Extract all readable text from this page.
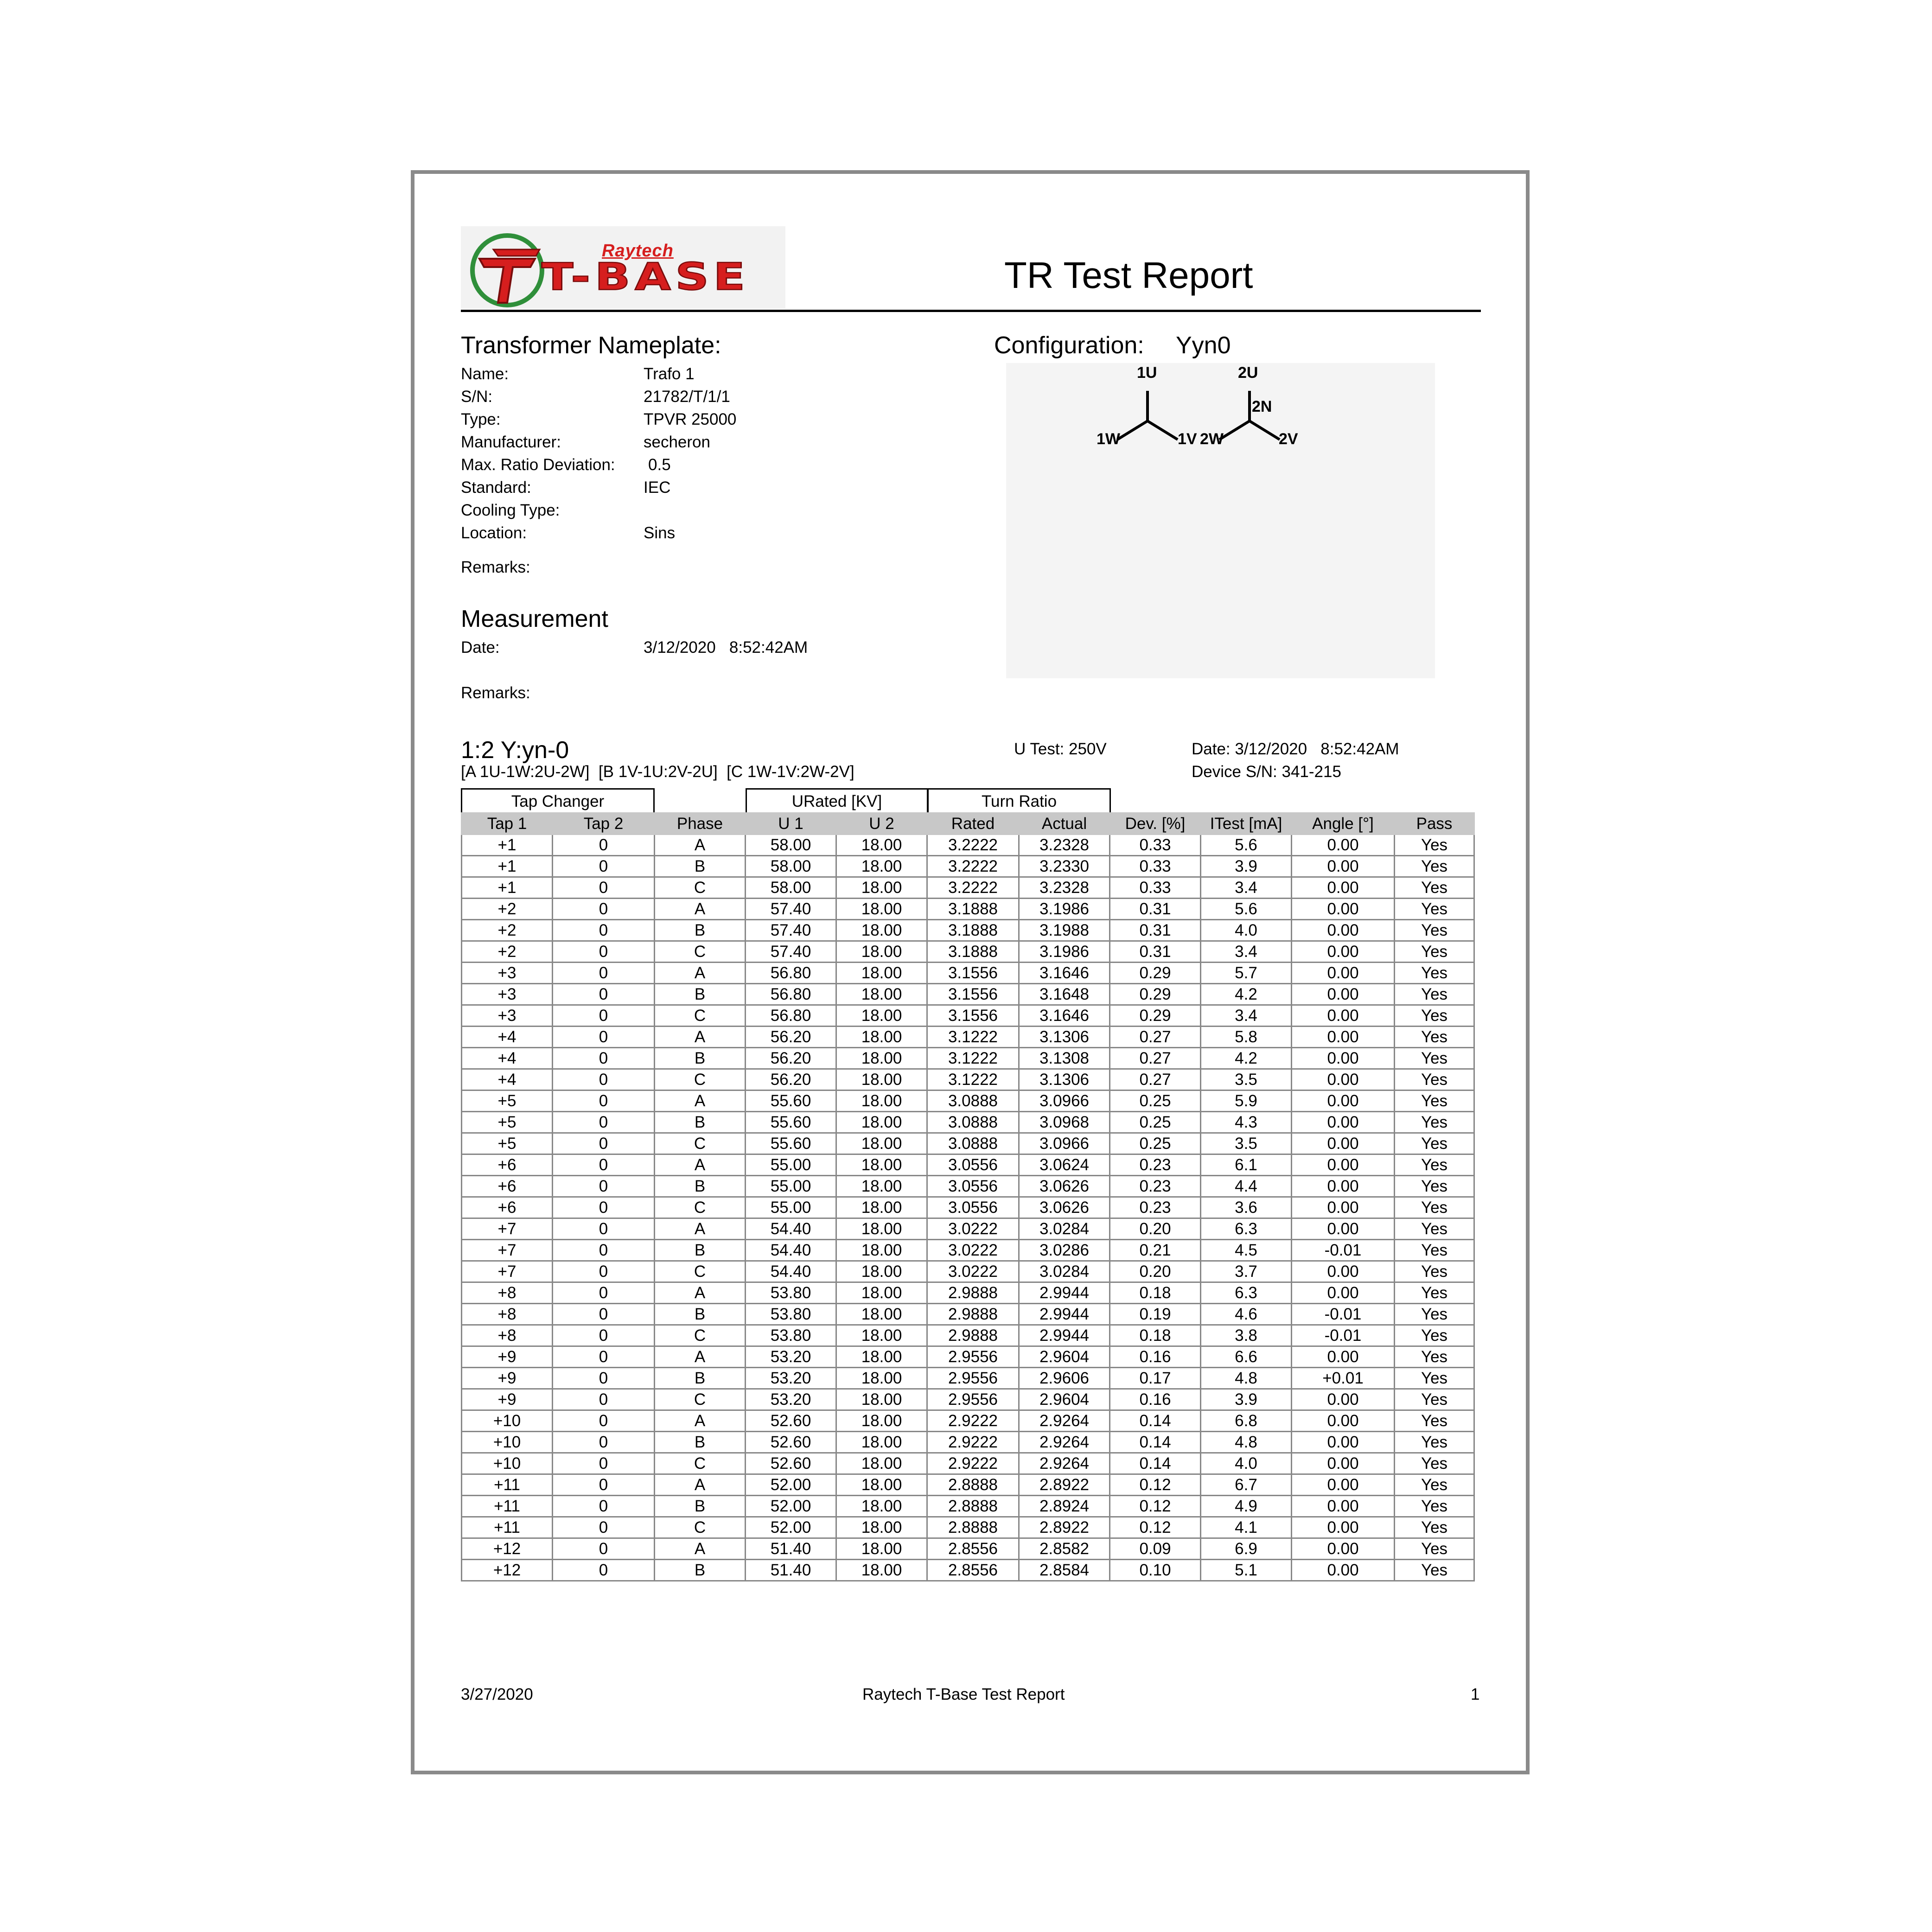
Raytech
T-BASE	TR Test Report
Transformer Nameplate:
Name:	Trafo 1
S/N:	21782/T/1/1
Type:	TPVR 25000
Manufacturer:	secheron
Max. Ratio Deviation: 0.5
Standard:	IEC
Cooling Type:
Location:	Sins
Remarks:
Configuration: Yyn0
1U
1W	1V
2U
2N
2W	2V
Measurement
Date:	3/12/2020   8:52:42AM
Remarks:
1:2 Y:yn-0
[A 1U-1W:2U-2W]  [B 1V-1U:2V-2U]  [C 1W-1V:2W-2V]
U Test: 250V	Date: 3/12/2020   8:52:42AM
Device S/N: 341-215
Tap Changer	URated [KV]	Turn Ratio
Tap 1	Tap 2	Phase	U 1	U 2	Rated	Actual	Dev. [%]	ITest [mA]	Angle [°]	Pass
+1	0	A	58.00	18.00	3.2222	3.2328	0.33	5.6	0.00	Yes
+1	0	B	58.00	18.00	3.2222	3.2330	0.33	3.9	0.00	Yes
+1	0	C	58.00	18.00	3.2222	3.2328	0.33	3.4	0.00	Yes
+2	0	A	57.40	18.00	3.1888	3.1986	0.31	5.6	0.00	Yes
+2	0	B	57.40	18.00	3.1888	3.1988	0.31	4.0	0.00	Yes
+2	0	C	57.40	18.00	3.1888	3.1986	0.31	3.4	0.00	Yes
+3	0	A	56.80	18.00	3.1556	3.1646	0.29	5.7	0.00	Yes
+3	0	B	56.80	18.00	3.1556	3.1648	0.29	4.2	0.00	Yes
+3	0	C	56.80	18.00	3.1556	3.1646	0.29	3.4	0.00	Yes
+4	0	A	56.20	18.00	3.1222	3.1306	0.27	5.8	0.00	Yes
+4	0	B	56.20	18.00	3.1222	3.1308	0.27	4.2	0.00	Yes
+4	0	C	56.20	18.00	3.1222	3.1306	0.27	3.5	0.00	Yes
+5	0	A	55.60	18.00	3.0888	3.0966	0.25	5.9	0.00	Yes
+5	0	B	55.60	18.00	3.0888	3.0968	0.25	4.3	0.00	Yes
+5	0	C	55.60	18.00	3.0888	3.0966	0.25	3.5	0.00	Yes
+6	0	A	55.00	18.00	3.0556	3.0624	0.23	6.1	0.00	Yes
+6	0	B	55.00	18.00	3.0556	3.0626	0.23	4.4	0.00	Yes
+6	0	C	55.00	18.00	3.0556	3.0626	0.23	3.6	0.00	Yes
+7	0	A	54.40	18.00	3.0222	3.0284	0.20	6.3	0.00	Yes
+7	0	B	54.40	18.00	3.0222	3.0286	0.21	4.5	-0.01	Yes
+7	0	C	54.40	18.00	3.0222	3.0284	0.20	3.7	0.00	Yes
+8	0	A	53.80	18.00	2.9888	2.9944	0.18	6.3	0.00	Yes
+8	0	B	53.80	18.00	2.9888	2.9944	0.19	4.6	-0.01	Yes
+8	0	C	53.80	18.00	2.9888	2.9944	0.18	3.8	-0.01	Yes
+9	0	A	53.20	18.00	2.9556	2.9604	0.16	6.6	0.00	Yes
+9	0	B	53.20	18.00	2.9556	2.9606	0.17	4.8	+0.01	Yes
+9	0	C	53.20	18.00	2.9556	2.9604	0.16	3.9	0.00	Yes
+10	0	A	52.60	18.00	2.9222	2.9264	0.14	6.8	0.00	Yes
+10	0	B	52.60	18.00	2.9222	2.9264	0.14	4.8	0.00	Yes
+10	0	C	52.60	18.00	2.9222	2.9264	0.14	4.0	0.00	Yes
+11	0	A	52.00	18.00	2.8888	2.8922	0.12	6.7	0.00	Yes
+11	0	B	52.00	18.00	2.8888	2.8924	0.12	4.9	0.00	Yes
+11	0	C	52.00	18.00	2.8888	2.8922	0.12	4.1	0.00	Yes
+12	0	A	51.40	18.00	2.8556	2.8582	0.09	6.9	0.00	Yes
+12	0	B	51.40	18.00	2.8556	2.8584	0.10	5.1	0.00	Yes
3/27/2020	Raytech T-Base Test Report	1
